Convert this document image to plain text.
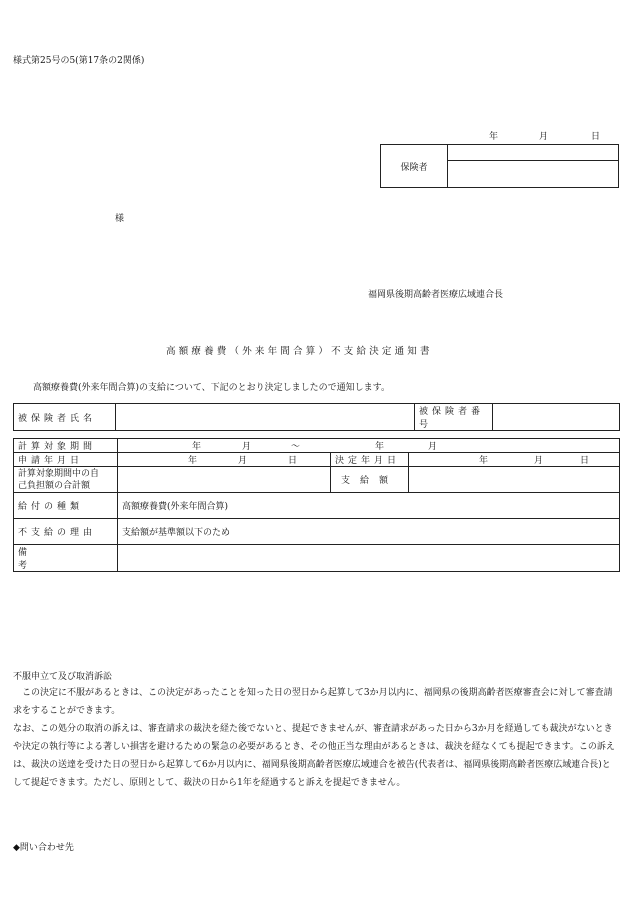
様式第25号の5(第17条の2関係)
年	月	日
保険者	

様
福岡県後期高齢者医療広域連合長
高額療養費（外来年間合算）不支給決定通知書
高額療養費(外来年間合算)の支給について、下記のとおり決定しましたので通知します。
被保険者氏名		被保険者番号	
計算対象期間	年 月 〜 年 月		
申請年月日	年 月 日	決定年月日	年 月 日

計算対象期間中の自
己負担額の合計額		支給額	
給付の種類	高額療養費(外来年間合算)		
不支給の理由	支給額が基準額以下のため		
備考			
不服申立て及び取消訴訟
この決定に不服があるときは、この決定があったことを知った日の翌日から起算して3か月以内に、福岡県の後期高齢者医療審査会に対して審査請求をすることができます。
なお、この処分の取消の訴えは、審査請求の裁決を経た後でないと、提起できませんが、審査請求があった日から3か月を経過しても裁決がないときや決定の執行等による著しい損害を避けるための緊急の必要があるとき、その他正当な理由があるときは、裁決を経なくても提起できます。この訴えは、裁決の送達を受けた日の翌日から起算して6か月以内に、福岡県後期高齢者医療広域連合を被告(代表者は、福岡県後期高齢者医療広域連合長)として提起できます。ただし、原則として、裁決の日から1年を経過すると訴えを提起できません。
◆問い合わせ先
